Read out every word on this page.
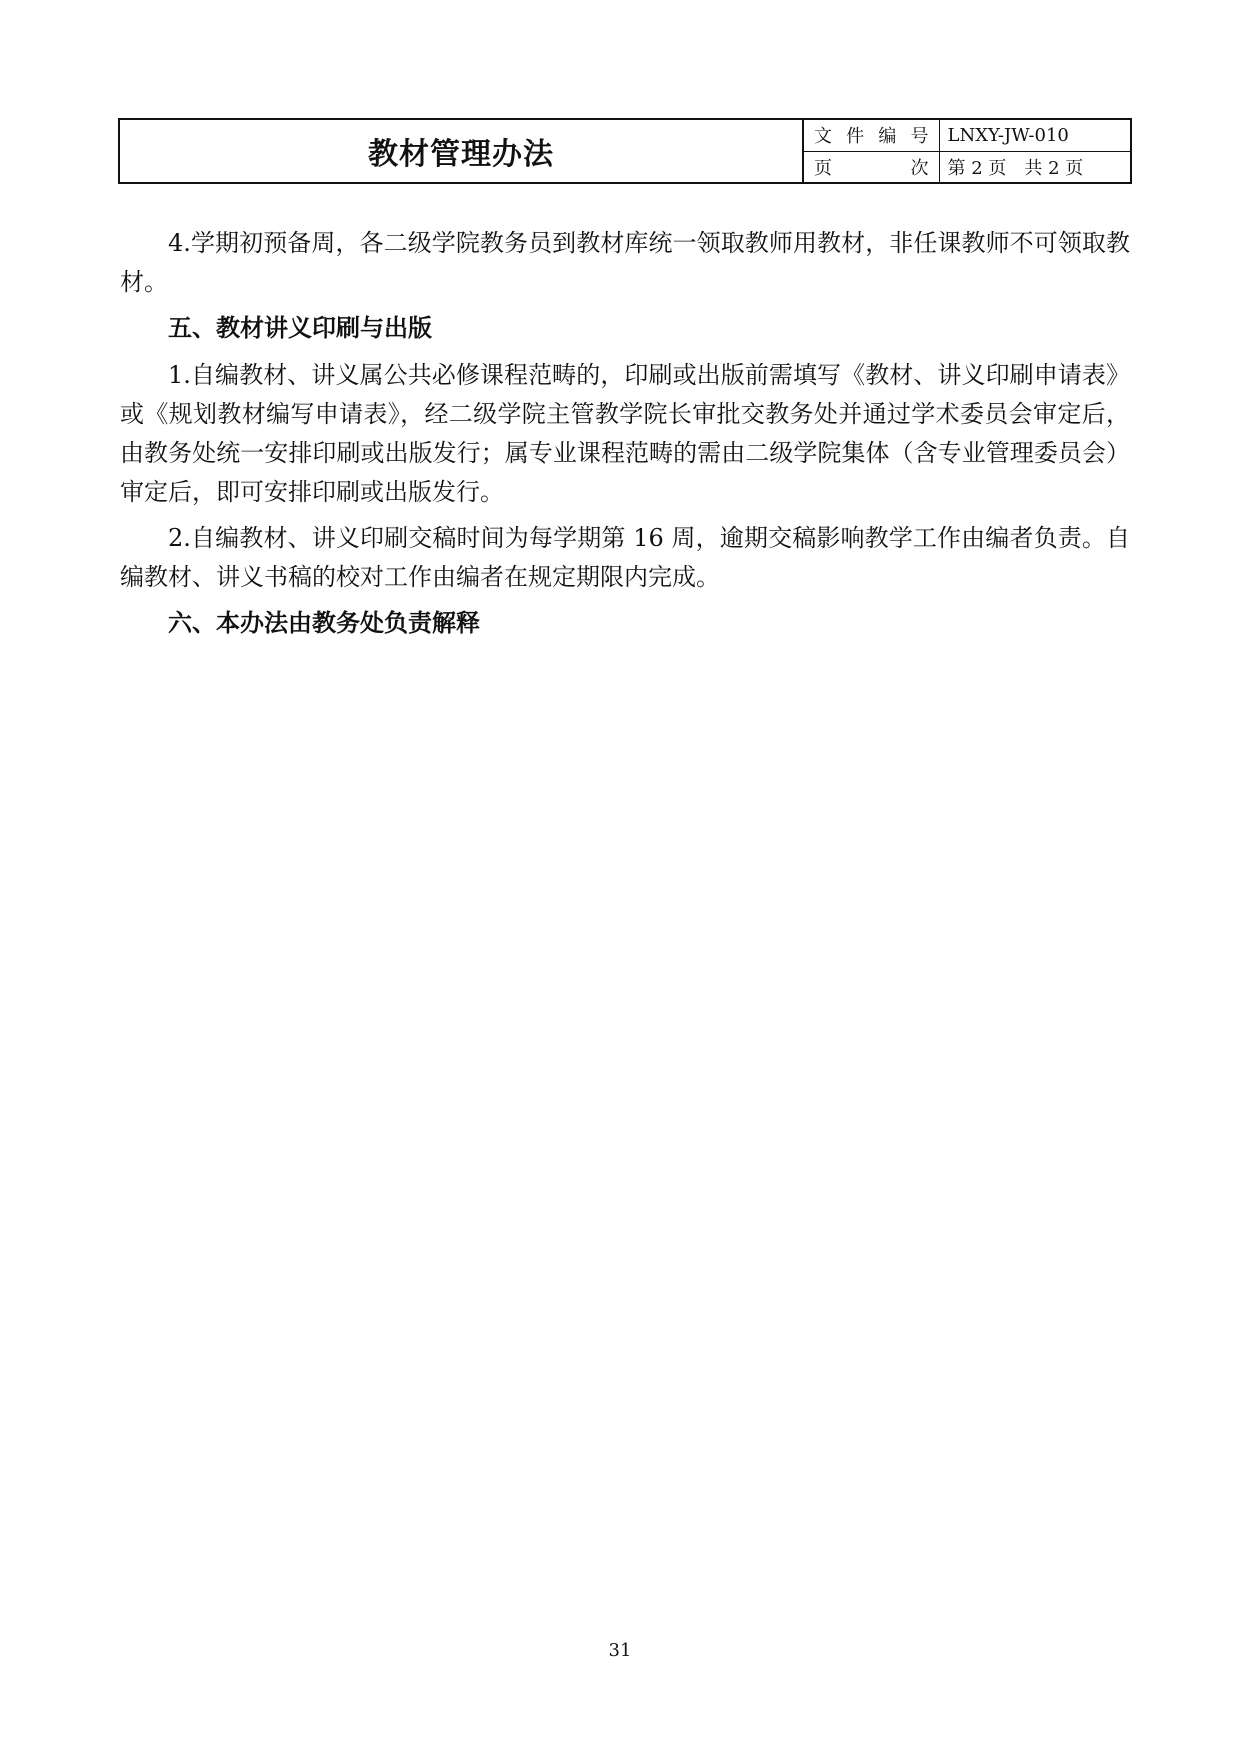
教材管理办法	文件编号	LNXY-JW-010
	页次	第 2 页　共 2 页

4.学期初预备周，各二级学院教务员到教材库统一领取教师用教材，非任课教师不可领取教材。

五、教材讲义印刷与出版

1.自编教材、讲义属公共必修课程范畴的，印刷或出版前需填写《教材、讲义印刷申请表》或《规划教材编写申请表》，经二级学院主管教学院长审批交教务处并通过学术委员会审定后，由教务处统一安排印刷或出版发行；属专业课程范畴的需由二级学院集体（含专业管理委员会）审定后，即可安排印刷或出版发行。

2.自编教材、讲义印刷交稿时间为每学期第 16 周，逾期交稿影响教学工作由编者负责。自编教材、讲义书稿的校对工作由编者在规定期限内完成。

六、本办法由教务处负责解释

31
